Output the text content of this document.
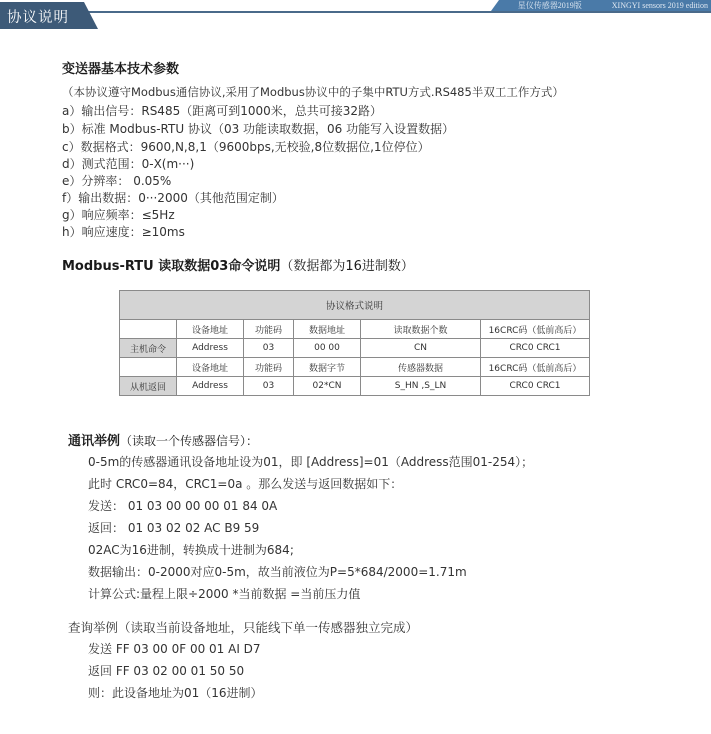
协议说明
星仪传感器2019版	XINGYI sensors 2019 edition
变送器基本技术参数
（本协议遵守Modbus通信协议,采用了Modbus协议中的子集中RTU方式.RS485半双工工作方式）
a）输出信号：RS485（距离可到1000米，总共可接32路）
b）标准 Modbus-RTU 协议（03 功能读取数据，06 功能写入设置数据）
c）数据格式：9600,N,8,1（9600bps,无校验,8位数据位,1位停位）
d）测式范围：0-X(m···)
e）分辨率： 0.05%
f）输出数据：0···2000（其他范围定制）
g）响应频率：≤5Hz
h）响应速度：≥10ms
Modbus-RTU 读取数据03命令说明（数据都为16进制数）
协议格式说明					
	设备地址	功能码	数据地址	读取数据个数	16CRC码（低前高后）
主机命令	Address	03	00 00	CN	CRC0 CRC1
	设备地址	功能码	数据字节	传感器数据	16CRC码（低前高后）
从机返回	Address	03	02*CN	S_HN ,S_LN	CRC0 CRC1
通讯举例（读取一个传感器信号）：
0-5m的传感器通讯设备地址设为01，即 [Address]=01（Address范围01-254）；
此时 CRC0=84，CRC1=0a 。那么发送与返回数据如下：
发送： 01 03 00 00 00 01 84 0A
返回： 01 03 02 02 AC B9 59
02AC为16进制，转换成十进制为684;
数据输出：0-2000对应0-5m，故当前液位为P=5*684/2000=1.71m
计算公式:量程上限÷2000 *当前数据 =当前压力值
查询举例（读取当前设备地址，只能线下单一传感器独立完成）
发送 FF 03 00 0F 00 01 AI D7
返回 FF 03 02 00 01 50 50
则：此设备地址为01（16进制）
